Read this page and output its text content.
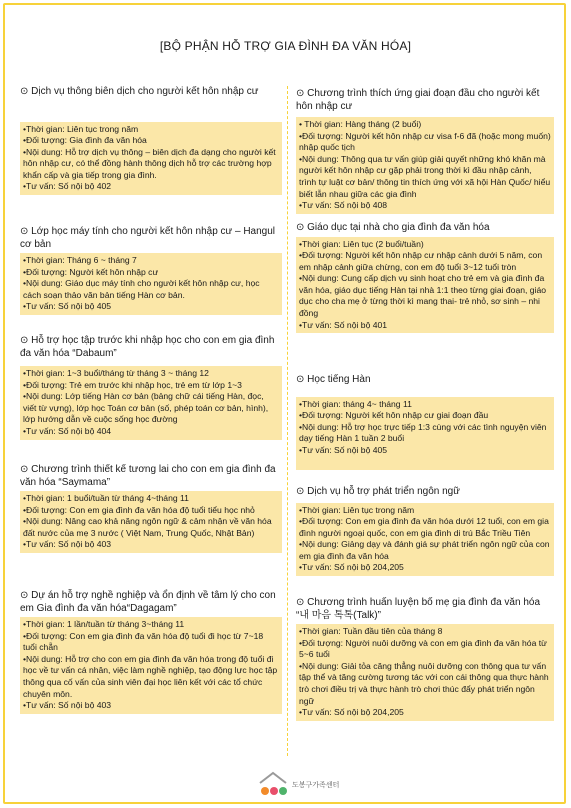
[BỘ PHẬN HỖ TRỢ GIA ĐÌNH ĐA VĂN HÓA]
⊙ Dịch vụ thông biên dịch cho người kết hôn nhập cư
•Thời gian: Liên tục trong năm
•Đối tượng: Gia đình đa văn hóa
•Nội dung: Hỗ trợ dịch vụ thông – biên dịch đa dạng cho người kết hôn nhập cư, có thể đồng hành thông dịch hỗ trợ các trường hợp khẩn cấp và gia tiếp trong gia đình.
•Tư vấn: Số nội bộ 402
⊙ Lớp học máy tính cho người kết hôn nhập cư – Hangul cơ bản
•Thời gian: Tháng 6 ~ tháng 7
•Đối tượng: Người kết hôn nhập cư
•Nội dung: Giáo dục máy tính cho người kết hôn nhập cư, học cách soạn thảo văn bản tiếng Hàn cơ bản.
•Tư vấn: Số nội bộ 405
⊙ Hỗ trợ học tập trước khi nhập học cho con em gia đình đa văn hóa “Dabaum”
•Thời gian: 1~3 buổi/tháng từ tháng 3 ~ tháng 12
•Đối tượng: Trẻ em trước khi nhập học, trẻ em từ lớp 1~3
•Nội dung: Lớp tiếng Hàn cơ bản (bảng chữ cái tiếng Hàn, đọc, viết từ vựng), lớp học Toán cơ bản (số, phép toán cơ bản, hình), lớp hướng dẫn về cuộc sống học đường
•Tư vấn: Số nội bộ 404
⊙ Chương trình thiết kế tương lai cho con em gia đình đa văn hóa “Saymama”
•Thời gian: 1 buổi/tuần từ tháng 4~tháng 11
•Đối tượng: Con em gia đình đa văn hóa độ tuổi tiểu học nhỏ
•Nội dung: Nâng cao khả năng ngôn ngữ & cảm nhận về văn hóa đất nước của mẹ 3 nước ( Việt Nam, Trung Quốc, Nhật Bản)
•Tư vấn: Số nội bộ 403
⊙ Dự án hỗ trợ nghề nghiệp và ổn định về tâm lý cho con em Gia đình đa văn hóa“Dagagam”
•Thời gian: 1 lần/tuần từ tháng 3~tháng 11
•Đối tượng: Con em gia đình đa văn hóa độ tuổi đi học từ 7~18 tuổi chẵn
•Nội dung: Hỗ trợ cho con em gia đình đa văn hóa trong độ tuổi đi học về tư vấn cá nhân, việc làm nghề nghiệp, tạo động lực học tập thông qua cố vấn của sinh viên đại học liên kết với các tổ chức chuyên môn.
•Tư vấn: Số nội bộ 403
⊙ Chương trình thích ứng giai đoạn đầu cho người kết hôn nhập cư
• Thời gian: Hàng tháng (2 buổi)
•Đối tượng: Người kết hôn nhập cư visa f-6 đã (hoặc mong muốn) nhập quốc tịch
•Nội dung: Thông qua tư vấn giúp giải quyết những khó khăn mà người kết hôn nhập cư gặp phải trong thời kì đầu nhập cảnh, trình tự luật cơ bản/ thông tin thích ứng với xã hội Hàn Quốc/ hiểu biết lẫn nhau giữa các gia đình
•Tư vấn: Số nội bộ 408
⊙ Giáo dục tại nhà cho gia đình đa văn hóa
•Thời gian: Liên tục (2 buổi/tuần)
•Đối tượng: Người kết hôn nhập cư nhập cảnh dưới 5 năm, con em nhập cảnh giữa chừng, con em độ tuổi 3~12 tuổi tròn
•Nội dung: Cung cấp dịch vụ sinh hoạt cho trẻ em và gia đình đa văn hóa, giáo dục tiếng Hàn tại nhà 1:1 theo từng giai đoạn, giáo dục cho cha mẹ ở từng thời kì mang thai- trẻ nhỏ, sơ sinh – nhi đồng
•Tư vấn: Số nội bộ 401
⊙ Học tiếng Hàn
•Thời gian: tháng 4~ tháng 11
•Đối tượng: Người kết hôn nhập cư giai đoạn đầu
•Nội dung: Hỗ trợ học trực tiếp 1:3 cùng với các tình nguyện viên dạy tiếng Hàn 1 tuần 2 buổi
•Tư vấn: Số nội bộ 405
⊙ Dịch vụ hỗ trợ phát triển ngôn ngữ
•Thời gian: Liên tục trong năm
•Đối tượng: Con em gia đình đa văn hóa dưới 12 tuổi, con em gia đình người ngoại quốc, con em gia đình di trú Bắc Triều Tiên
•Nội dung: Giảng dạy và đánh giá sự phát triển ngôn ngữ của con em gia đình đa văn hóa
•Tư vấn: Số nội bộ 204,205
⊙ Chương trình huấn luyện bố mẹ gia đình đa văn hóa “내 마음 톡톡(Talk)”
•Thời gian: Tuần đầu tiên của tháng 8
•Đối tượng: Người nuôi dưỡng và con em gia đình đa văn hóa từ 5~6 tuổi
•Nội dung: Giải tỏa căng thẳng nuôi dưỡng con thông qua tư vấn tập thể và tăng cường tương tác với con cái thông qua thực hành trò chơi điều trị và thực hành trò chơi thúc đẩy phát triển ngôn ngữ
•Tư vấn: Số nội bộ 204,205
도봉구가족센터
